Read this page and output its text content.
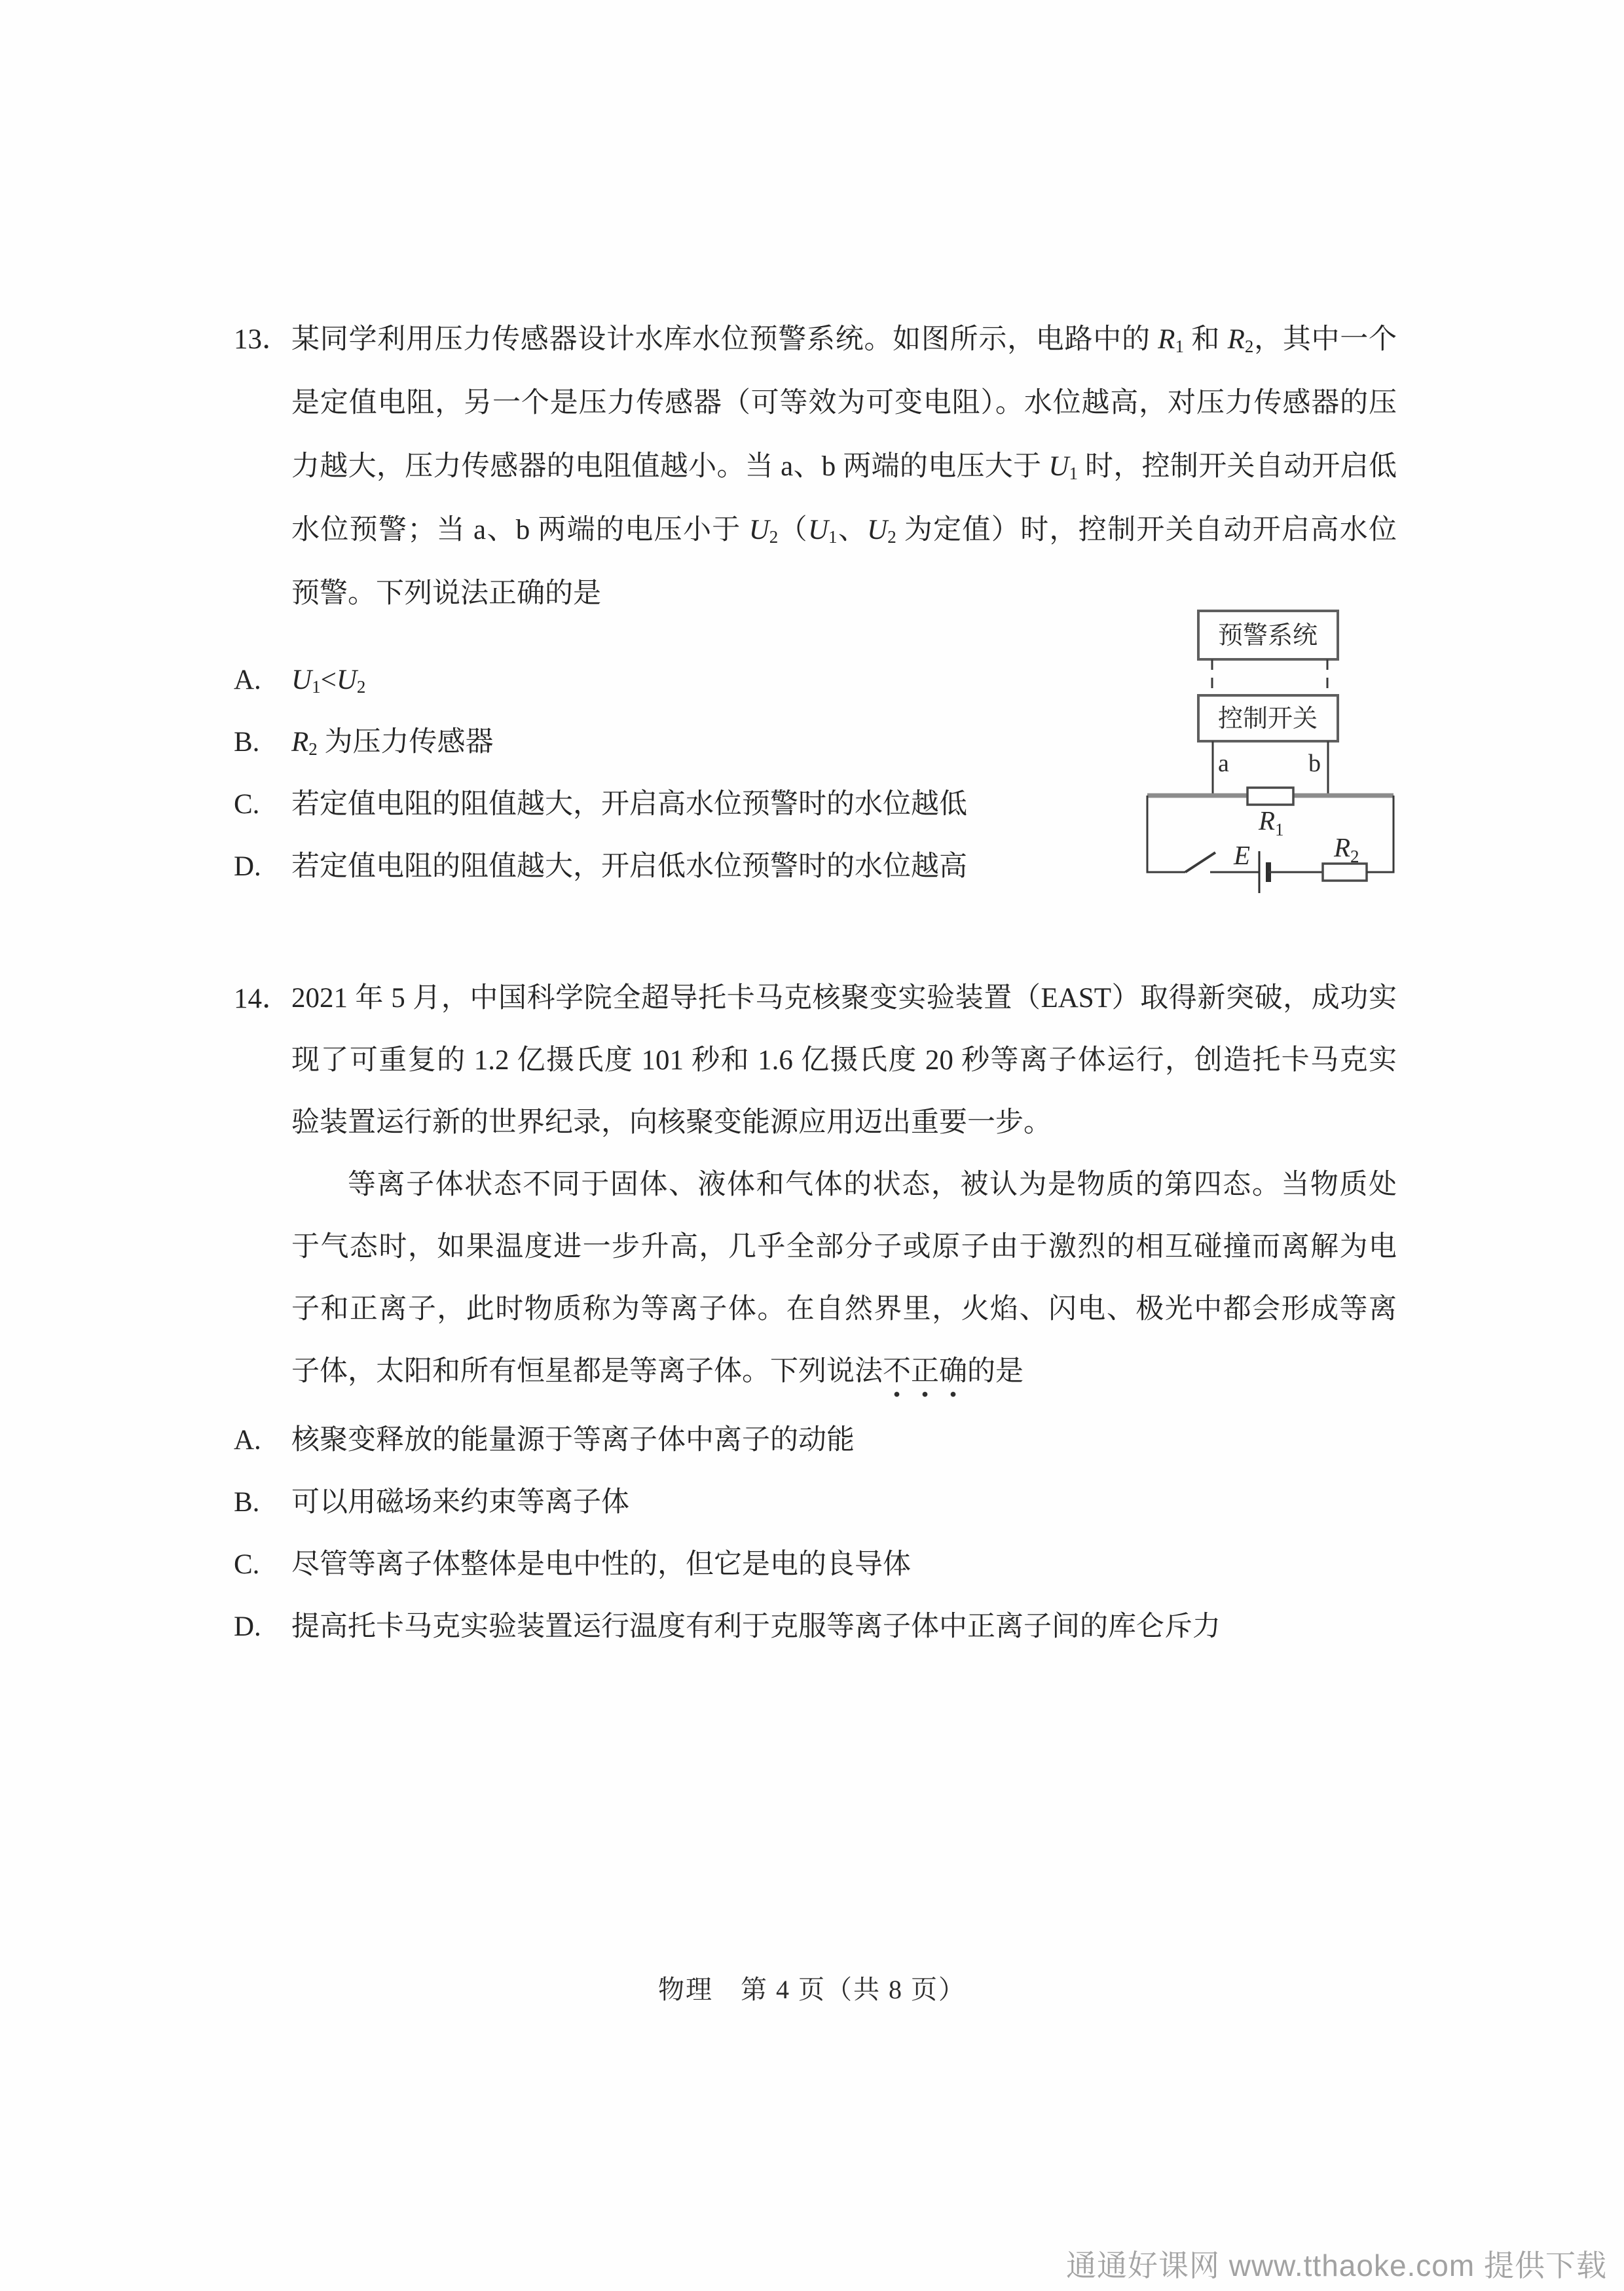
13． 某同学利用压力传感器设计水库水位预警系统。如图所示，电路中的 $R_1$ 和 $R_2$，其中一个
是定值电阻，另一个是压力传感器（可等效为可变电阻）。水位越高，对压力传感器的压
力越大，压力传感器的电阻值越小。当 a、b 两端的电压大于 $U_1$ 时，控制开关自动开启低
水位预警；当 a、b 两端的电压小于 $U_2(U_1$、$U_2$ 为定值）时，控制开关自动开启高水位
预警。下列说法正确的是
A. $U_1<U_2$
B. $R_2$ 为压力传感器
C. 若定值电阻的阻值越大，开启高水位预警时的水位越低
D. 若定值电阻的阻值越大，开启低水位预警时的水位越高
14． 2021 年 5 月，中国科学院全超导托卡马克核聚变实验装置（EAST）取得新突破，成功实
现了可重复的 1.2 亿摄氏度 101 秒和 1.6 亿摄氏度 20 秒等离子体运行，创造托卡马克实
验装置运行新的世界纪录，向核聚变能源应用迈出重要一步。
等离子体状态不同于固体、液体和气体的状态，被认为是物质的第四态。当物质处
于气态时，如果温度进一步升高，几乎全部分子或原子由于激烈的相互碰撞而离解为电
子和正离子，此时物质称为等离子体。在自然界里，火焰、闪电、极光中都会形成等离
子体，太阳和所有恒星都是等离子体。下列说法不正确的是
A. 核聚变释放的能量源于等离子体中离子的动能
B. 可以用磁场来约束等离子体
C. 尽管等离子体整体是电中性的，但它是电的良导体
D. 提高托卡马克实验装置运行温度有利于克服等离子体中正离子间的库仑斥力
预警系统
控制开关
a	b
$R_1$
E	$R_2$
物理　第 4 页（共 8 页）
通通好课网 www.tthaoke.com 提供下载
